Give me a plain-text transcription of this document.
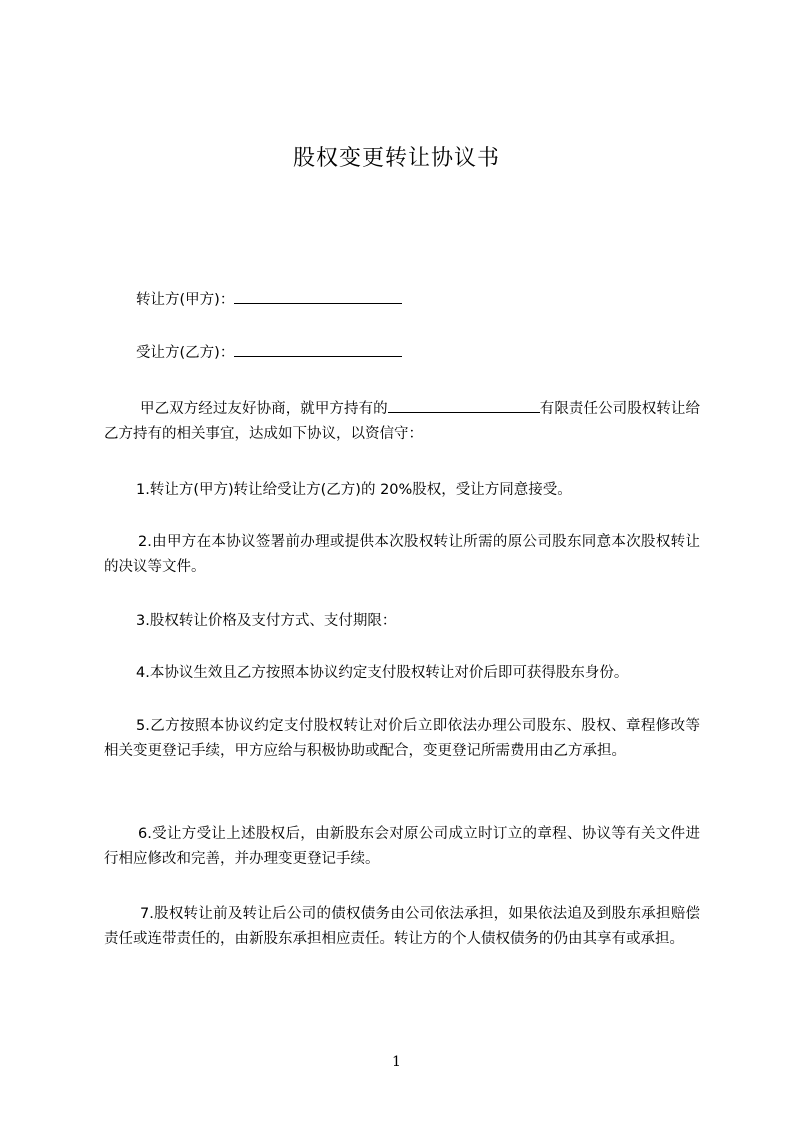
股权变更转让协议书
转让方(甲方)：
受让方(乙方)：
甲乙双方经过友好协商，就甲方持有的	有限责任公司股权转让给乙方持有的相关事宜，达成如下协议，以资信守：
1.转让方(甲方)转让给受让方(乙方)的 20%股权，受让方同意接受。
2.由甲方在本协议签署前办理或提供本次股权转让所需的原公司股东同意本次股权转让的决议等文件。
3.股权转让价格及支付方式、支付期限：
4.本协议生效且乙方按照本协议约定支付股权转让对价后即可获得股东身份。
5.乙方按照本协议约定支付股权转让对价后立即依法办理公司股东、股权、章程修改等相关变更登记手续，甲方应给与积极协助或配合，变更登记所需费用由乙方承担。
6.受让方受让上述股权后，由新股东会对原公司成立时订立的章程、协议等有关文件进行相应修改和完善，并办理变更登记手续。
7.股权转让前及转让后公司的债权债务由公司依法承担，如果依法追及到股东承担赔偿责任或连带责任的，由新股东承担相应责任。转让方的个人债权债务的仍由其享有或承担。
1
